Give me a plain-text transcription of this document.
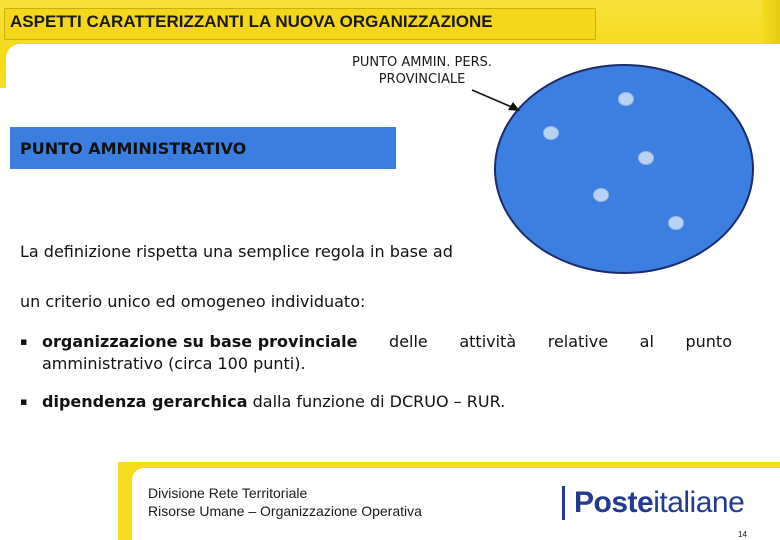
ASPETTI CARATTERIZZANTI LA NUOVA ORGANIZZAZIONE
PUNTO AMMIN. PERS.
PROVINCIALE
PUNTO AMMINISTRATIVO
La definizione rispetta una semplice regola in base ad
un criterio unico ed omogeneo individuato:
▪ organizzazione su base provinciale delle attività relative al punto
amministrativo (circa 100 punti).
▪ dipendenza gerarchica dalla funzione di DCRUO – RUR.
Divisione Rete Territoriale
Risorse Umane – Organizzazione Operativa	Posteitaliane
14
